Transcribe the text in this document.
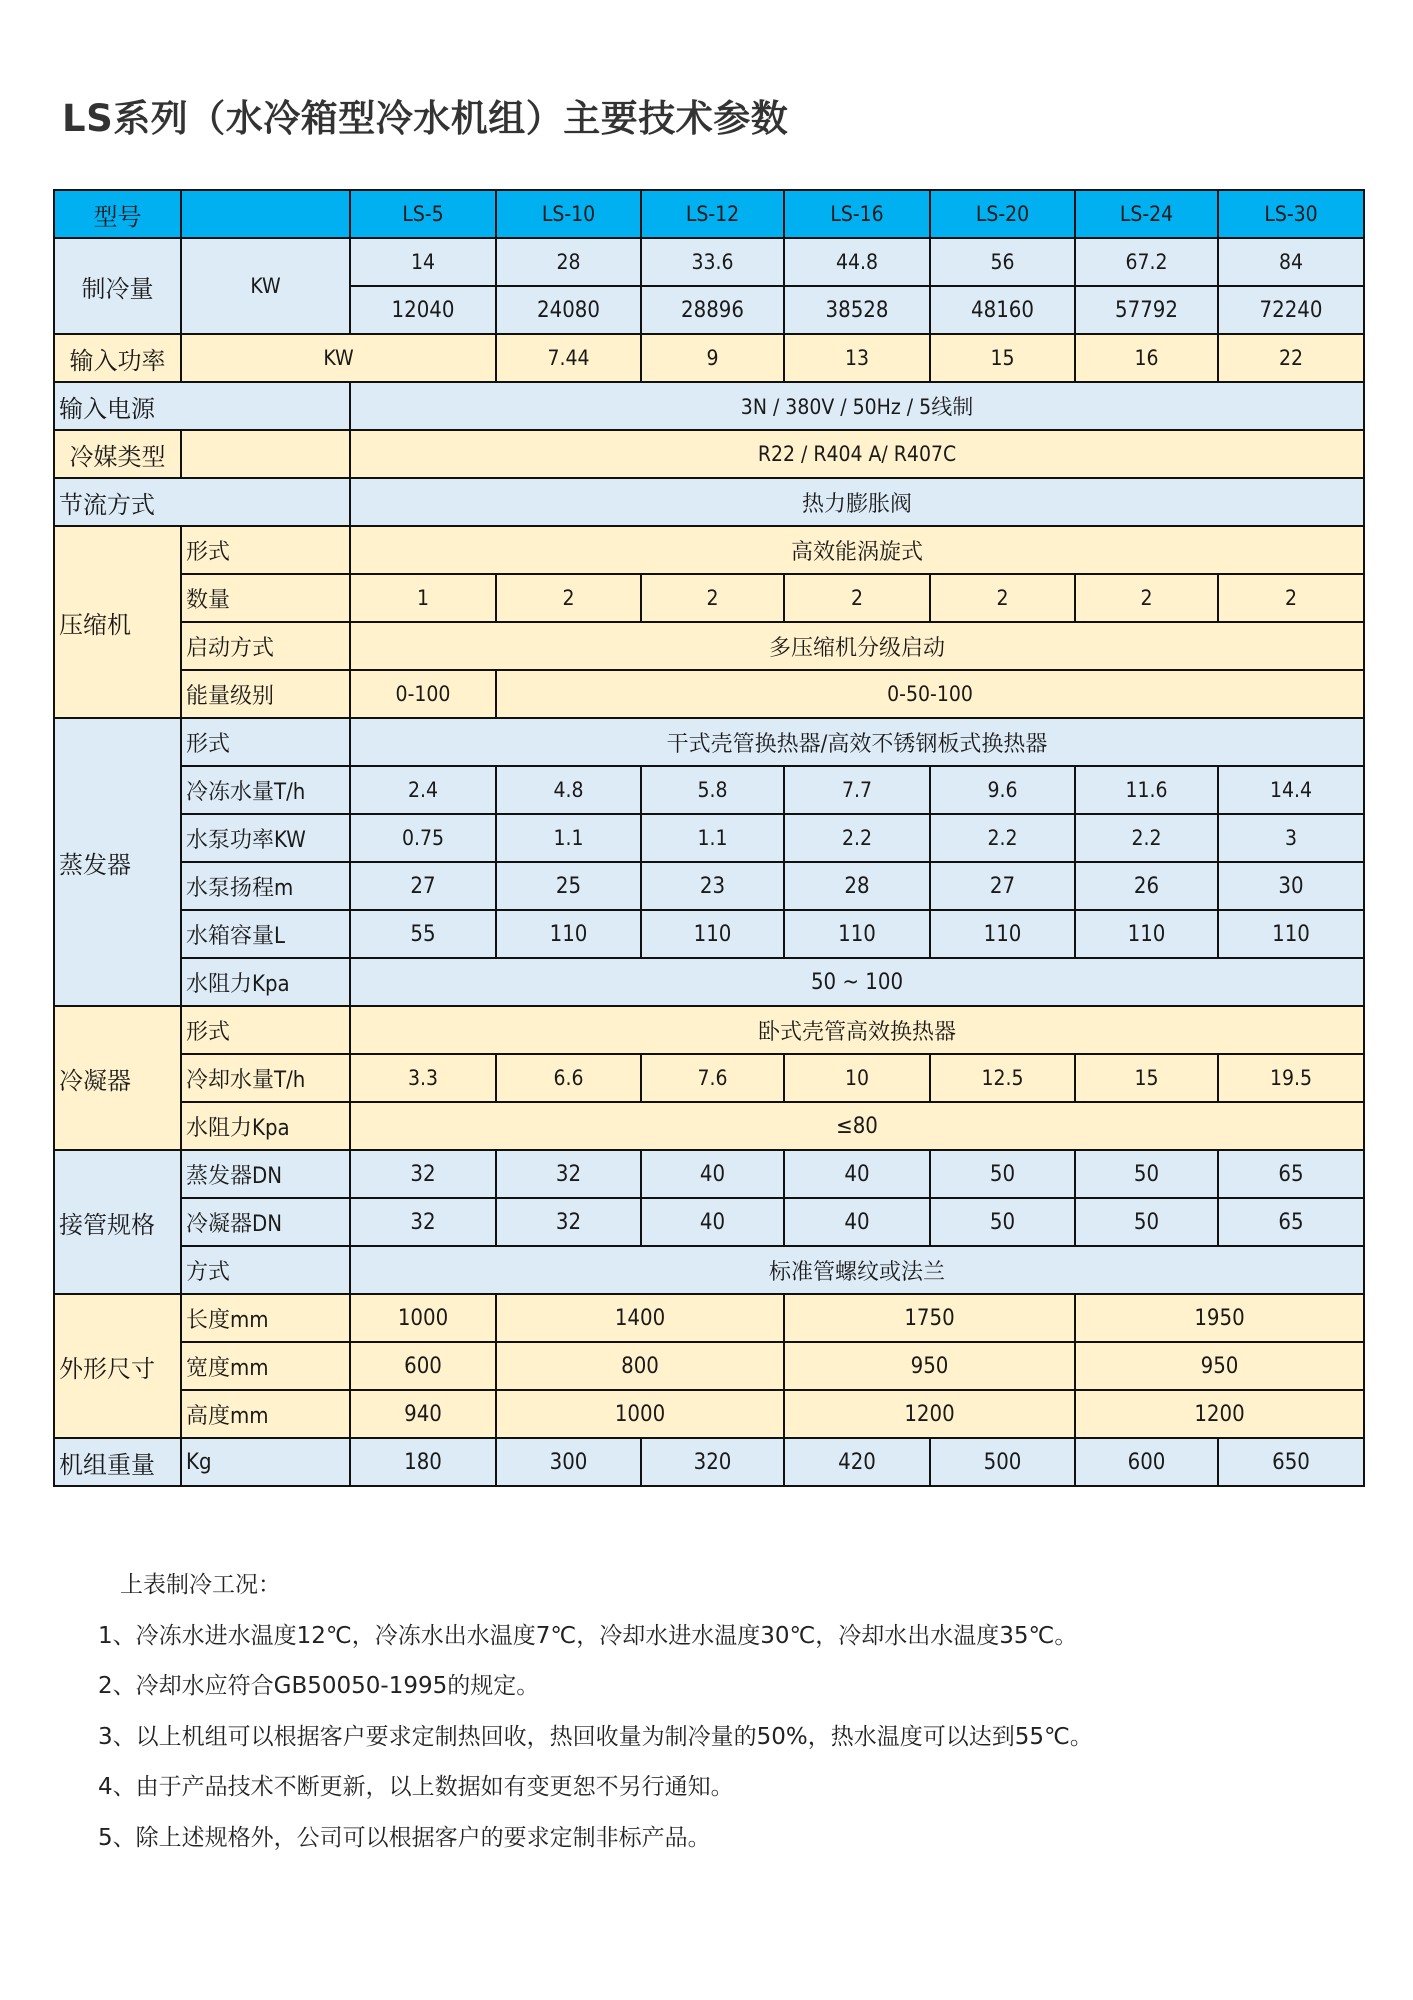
LS系列（水冷箱型冷水机组）主要技术参数
型号		LS-5	LS-10	LS-12	LS-16	LS-20	LS-24	LS-30
制冷量	KW	14	28	33.6	44.8	56	67.2	84
		12040	24080	28896	38528	48160	57792	72240
输入功率	KW		7.44	9	13	15	16	22
输入电源		3N / 380V / 50Hz / 5线制						
冷媒类型		R22 / R404 A/ R407C						
节流方式		热力膨胀阀						
压缩机	形式	高效能涡旋式						
	数量	1	2	2	2	2	2	2
	启动方式	多压缩机分级启动						
	能量级别	0-100	0-50-100					
蒸发器	形式	干式壳管换热器/高效不锈钢板式换热器						
	冷冻水量T/h	2.4	4.8	5.8	7.7	9.6	11.6	14.4
	水泵功率KW	0.75	1.1	1.1	2.2	2.2	2.2	3
	水泵扬程m	27	25	23	28	27	26	30
	水箱容量L	55	110	110	110	110	110	110
	水阻力Kpa	50 ~ 100						
冷凝器	形式	卧式壳管高效换热器						
	冷却水量T/h	3.3	6.6	7.6	10	12.5	15	19.5
	水阻力Kpa	≤80						
接管规格	蒸发器DN	32	32	40	40	50	50	65
	冷凝器DN	32	32	40	40	50	50	65
	方式	标准管螺纹或法兰						
外形尺寸	长度mm	1000	1400		1750		1950	
	宽度mm	600	800		950		950	
	高度mm	940	1000		1200		1200	
机组重量	Kg	180	300	320	420	500	600	650
上表制冷工况：
1、冷冻水进水温度12℃，冷冻水出水温度7℃，冷却水进水温度30℃，冷却水出水温度35℃。
2、冷却水应符合GB50050-1995的规定。
3、以上机组可以根据客户要求定制热回收，热回收量为制冷量的50%，热水温度可以达到55℃。
4、由于产品技术不断更新，以上数据如有变更恕不另行通知。
5、除上述规格外，公司可以根据客户的要求定制非标产品。
